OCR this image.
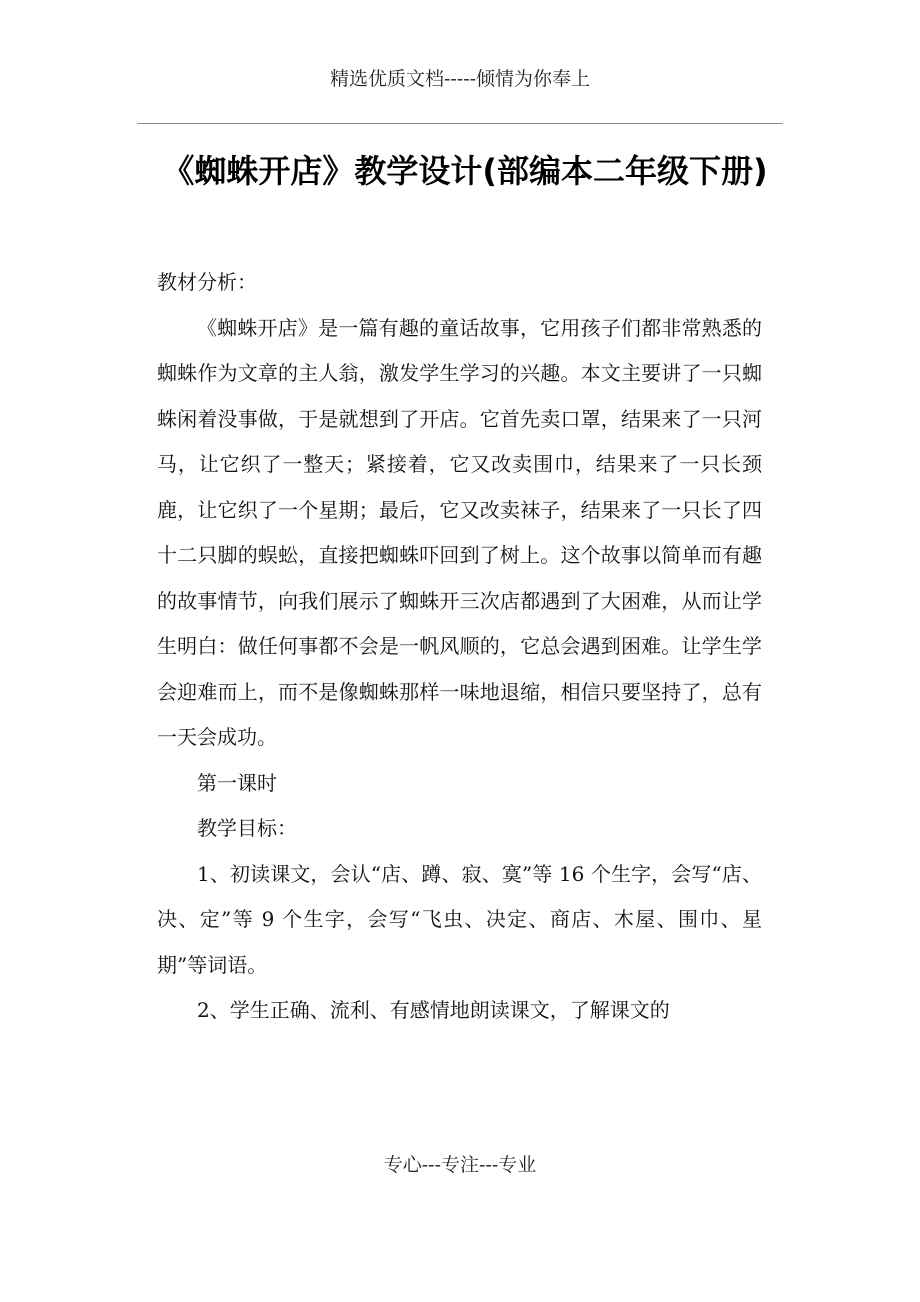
精选优质文档-----倾情为你奉上
《蜘蛛开店》教学设计(部编本二年级下册)

教材分析：

《蜘蛛开店》是一篇有趣的童话故事，它用孩子们都非常熟悉的蜘蛛作为文章的主人翁，激发学生学习的兴趣。本文主要讲了一只蜘蛛闲着没事做，于是就想到了开店。它首先卖口罩，结果来了一只河马，让它织了一整天；紧接着，它又改卖围巾，结果来了一只长颈鹿，让它织了一个星期；最后，它又改卖袜子，结果来了一只长了四十二只脚的蜈蚣，直接把蜘蛛吓回到了树上。这个故事以简单而有趣的故事情节，向我们展示了蜘蛛开三次店都遇到了大困难，从而让学生明白：做任何事都不会是一帆风顺的，它总会遇到困难。让学生学会迎难而上，而不是像蜘蛛那样一味地退缩，相信只要坚持了，总有一天会成功。

第一课时

教学目标：

1、初读课文，会认“店、蹲、寂、寞”等 16 个生字，会写“店、决、定”等 9 个生字，会写“飞虫、决定、商店、木屋、围巾、星期”等词语。

2、学生正确、流利、有感情地朗读课文，了解课文的

专心---专注---专业
